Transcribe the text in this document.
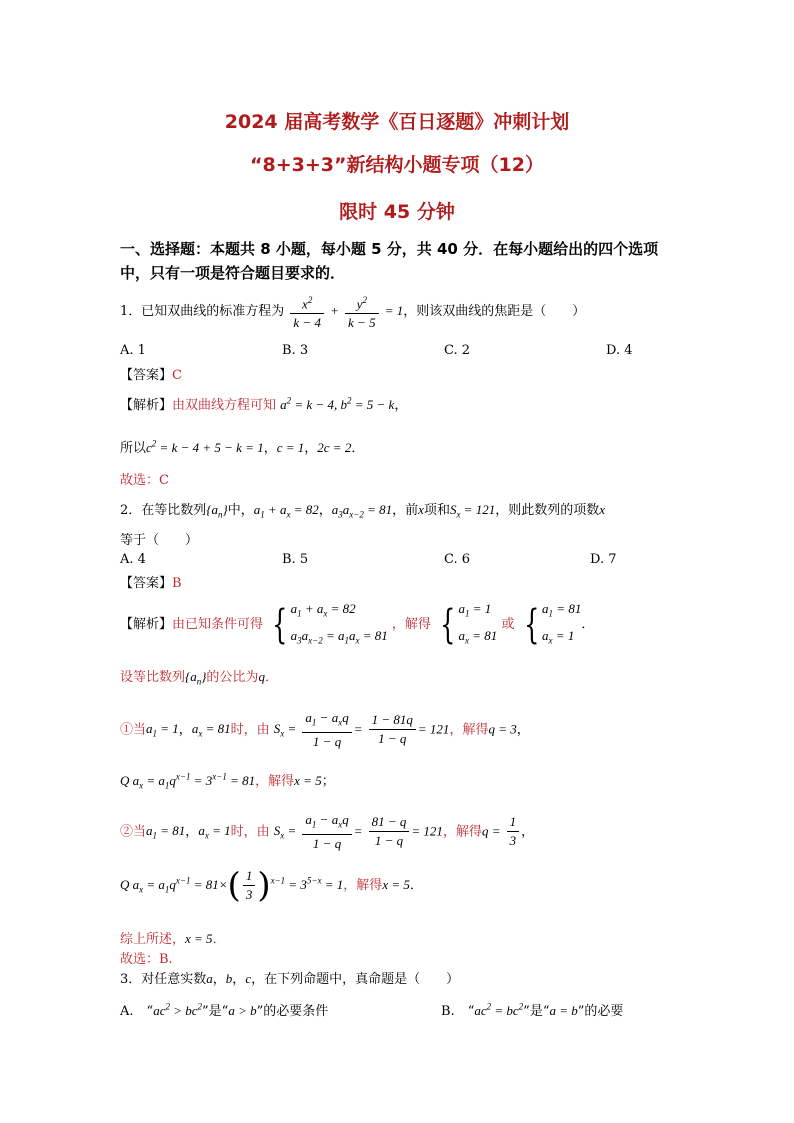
2024 届高考数学《百日逐题》冲刺计划
“8+3+3”新结构小题专项（12）
限时 45 分钟
一、选择题：本题共 8 小题，每小题 5 分，共 40 分．在每小题给出的四个选项
中，只有一项是符合题目要求的．
1．已知双曲线的标准方程为 $\frac{x^2}{k - 4} + \frac{y^2}{k - 5} = 1$，则该双曲线的焦距是（　　）
A. 1	B. 3	C. 2	D. 4
【答案】C
【解析】由双曲线方程可知 $a^2 = k - 4$, $b^2 = 5 - k$，
所以$c^2 = k - 4 + 5 - k = 1$，c = 1，2c = 2．
故选：C
2．在等比数列$\{a_n\}$中，$a_1 + a_x = 82$，$a_3a_{x-2} = 81$，前x项和$S_x = 121$，则此数列的项数x
等于（　　）
A. 4	B. 5	C. 6	D. 7
【答案】B
【解析】由已知条件可得 { $a_1 + a_x = 82$
$a_3a_{x-2} = a_1a_x = 81$
，解得 { $a_1 = 1$
$a_x = 81$
或 { $a_1 = 81$
$a_x = 1$
．
设等比数列$\{a_n\}$的公比为q．
①当$a_1 = 1$，$a_x = 81$时，由 $S_x = \frac{a_1 - a_xq}{1 - q} = \frac{1 - 81q}{1 - q} = 121$，解得q = 3，
Q $a_x = a_1q^{x-1} = 3^{x-1} = 81$，解得x = 5；
②当$a_1 = 81$，$a_x = 1$时，由 $S_x = \frac{a_1 - a_xq}{1 - q} = \frac{81 - q}{1 - q} = 121$，解得$q = \frac{1}{3}$ ，
Q $a_x = a_1q^{x-1} = 81\times( \frac{1}{3} )^{x-1} = 3^{5-x} = 1$，解得x = 5．
综上所述，x = 5．
故选：B.
3．对任意实数a，b，c，在下列命题中，真命题是（　　）
A.　“$ac^2 > bc^2$”是“a > b”的必要条件	B.　“$ac^2 = bc^2$”是“a = b”的必要
